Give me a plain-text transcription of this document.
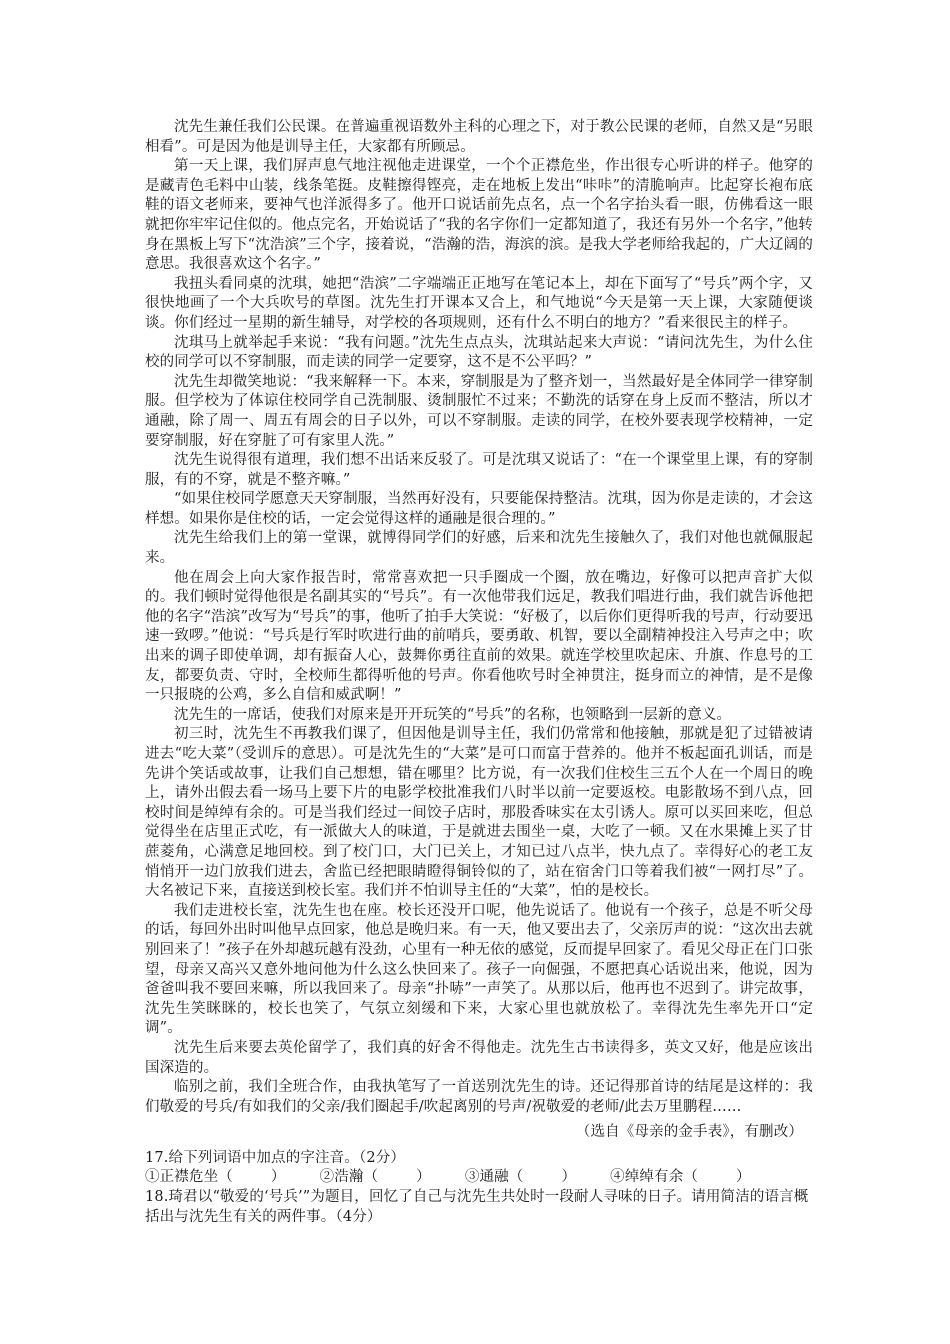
沈先生兼任我们公民课。在普遍重视语数外主科的心理之下，对于教公民课的老师，自然又是“另眼相看”。可是因为他是训导主任，大家都有所顾忌。

第一天上课，我们屏声息气地注视他走进课堂，一个个正襟危坐，作出很专心听讲的样子。他穿的是藏青色毛料中山装，线条笔挺。皮鞋擦得铿亮，走在地板上发出“咔咔”的清脆响声。比起穿长袍布底鞋的语文老师来，要神气也洋派得多了。他开口说话前先点名，点一个名字抬头看一眼，仿佛看这一眼就把你牢牢记住似的。他点完名，开始说话了“我的名字你们一定都知道了，我还有另外一个名字，”他转身在黑板上写下“沈浩滨”三个字，接着说，“浩瀚的浩，海滨的滨。是我大学老师给我起的，广大辽阔的意思。我很喜欢这个名字。”

我扭头看同桌的沈琪，她把“浩滨”二字端端正正地写在笔记本上，却在下面写了“号兵”两个字，又很快地画了一个大兵吹号的草图。沈先生打开课本又合上，和气地说“今天是第一天上课，大家随便谈谈。你们经过一星期的新生辅导，对学校的各项规则，还有什么不明白的地方？”看来很民主的样子。

沈琪马上就举起手来说：“我有问题。”沈先生点点头，沈琪站起来大声说：“请问沈先生，为什么住校的同学可以不穿制服，而走读的同学一定要穿，这不是不公平吗？”

沈先生却微笑地说：“我来解释一下。本来，穿制服是为了整齐划一，当然最好是全体同学一律穿制服。但学校为了体谅住校同学自己洗制服、烫制服忙不过来；不勤洗的话穿在身上反而不整洁，所以才通融，除了周一、周五有周会的日子以外，可以不穿制服。走读的同学，在校外要表现学校精神，一定要穿制服，好在穿脏了可有家里人洗。”

沈先生说得很有道理，我们想不出话来反驳了。可是沈琪又说话了：“在一个课堂里上课，有的穿制服，有的不穿，就是不整齐嘛。”

“如果住校同学愿意天天穿制服，当然再好没有，只要能保持整洁。沈琪，因为你是走读的，才会这样想。如果你是住校的话，一定会觉得这样的通融是很合理的。”

沈先生给我们上的第一堂课，就博得同学们的好感，后来和沈先生接触久了，我们对他也就佩服起来。

他在周会上向大家作报告时，常常喜欢把一只手圈成一个圈，放在嘴边，好像可以把声音扩大似的。我们顿时觉得他很是名副其实的“号兵”。有一次他带我们远足，教我们唱进行曲，我们就告诉他把他的名字“浩滨”改写为“号兵”的事，他听了拍手大笑说：“好极了，以后你们更得听我的号声，行动要迅速一致啰。”他说：“号兵是行军时吹进行曲的前哨兵，要勇敢、机智，要以全副精神投注入号声之中；吹出来的调子即使单调，却有振奋人心，鼓舞你勇往直前的效果。就连学校里吹起床、升旗、作息号的工友，都要负责、守时，全校师生都得听他的号声。你看他吹号时全神贯注，挺身而立的神情，是不是像一只报晓的公鸡，多么自信和威武啊！”

沈先生的一席话，使我们对原来是开开玩笑的“号兵”的名称，也领略到一层新的意义。

初三时，沈先生不再教我们课了，但因他是训导主任，我们仍常常和他接触，那就是犯了过错被请进去“吃大菜”（受训斥的意思）。可是沈先生的“大菜”是可口而富于营养的。他并不板起面孔训话，而是先讲个笑话或故事，让我们自己想想，错在哪里？比方说，有一次我们住校生三五个人在一个周日的晚上，请外出假去看一场马上要下片的电影学校批准我们八时半以前一定要返校。电影散场不到八点，回校时间是绰绰有余的。可是当我们经过一间饺子店时，那股香味实在太引诱人。原可以买回来吃，但总觉得坐在店里正式吃，有一派做大人的味道，于是就进去围坐一桌，大吃了一顿。又在水果摊上买了甘蔗菱角，心满意足地回校。到了校门口，大门已关上，才知已过八点半，快九点了。幸得好心的老工友悄悄开一边门放我们进去，舍监已经把眼睛瞪得铜铃似的了，站在宿舍门口等着我们被“一网打尽”了。大名被记下来，直接送到校长室。我们并不怕训导主任的“大菜”，怕的是校长。

我们走进校长室，沈先生也在座。校长还没开口呢，他先说话了。他说有一个孩子，总是不听父母的话，每回外出时叫他早点回家，他总是晚归来。有一天，他又要出去了，父亲厉声的说：“这次出去就别回来了！”孩子在外却越玩越有没劲，心里有一种无依的感觉，反而提早回家了。看见父母正在门口张望，母亲又高兴又意外地问他为什么这么快回来了。孩子一向倔强，不愿把真心话说出来，他说，因为爸爸叫我不要回来嘛，所以我回来了。母亲“扑哧”一声笑了。从那以后，他再也不迟到了。讲完故事，沈先生笑眯眯的，校长也笑了，气氛立刻缓和下来，大家心里也就放松了。幸得沈先生率先开口“定调”。

沈先生后来要去英伦留学了，我们真的好舍不得他走。沈先生古书读得多，英文又好，他是应该出国深造的。

临别之前，我们全班合作，由我执笔写了一首送别沈先生的诗。还记得那首诗的结尾是这样的：我们敬爱的号兵/有如我们的父亲/我们圈起手/吹起离别的号声/祝敬爱的老师/此去万里鹏程……

（选自《母亲的金手表》，有删改）

17.给下列词语中加点的字注音。（2分）

①正襟危坐（	） ②浩瀚（	） ③通融（	） ④绰绰有余（	）

18.琦君以“敬爱的‘号兵’”为题目，回忆了自己与沈先生共处时一段耐人寻味的日子。请用简洁的语言概括出与沈先生有关的两件事。（4分）
